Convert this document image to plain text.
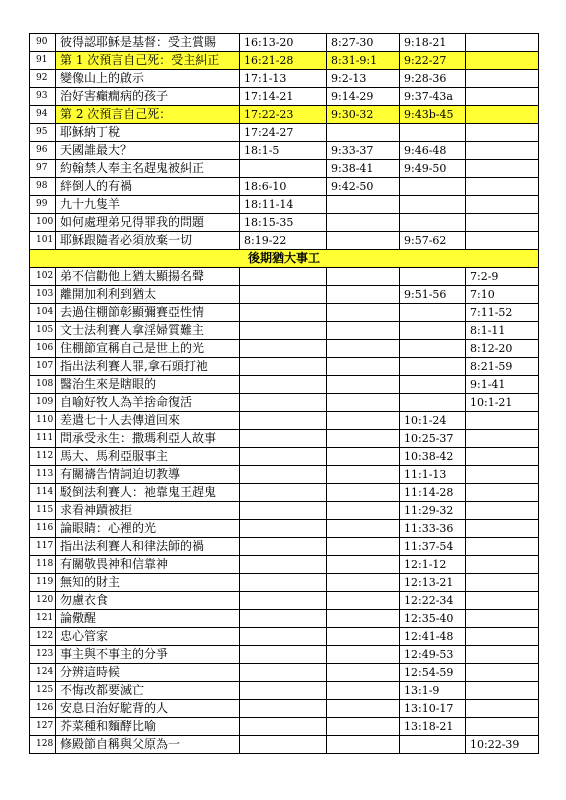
90	彼得認耶穌是基督：受主賞賜	16:13-20	8:27-30	9:18-21	
91	第 1 次預言自己死：受主糾正	16:21-28	8:31-9:1	9:22-27	
92	變像山上的啟示	17:1-13	9:2-13	9:28-36	
93	治好害癲癇病的孩子	17:14-21	9:14-29	9:37-43a	
94	第 2 次預言自己死：	17:22-23	9:30-32	9:43b-45	
95	耶穌納丁稅	17:24-27			
96	天國誰最大？	18:1-5	9:33-37	9:46-48	
97	約翰禁人奉主名趕鬼被糾正		9:38-41	9:49-50	
98	絆倒人的有禍	18:6-10	9:42-50		
99	九十九隻羊	18:11-14			
100	如何處理弟兄得罪我的問題	18:15-35			
101	耶穌跟隨者必須放棄一切	8:19-22		9:57-62	
後期猶大事工					
102	弟不信勸他上猶太顯揚名聲				7:2-9
103	離開加利利到猶太			9:51-56	7:10
104	去過住棚節彰顯彌賽亞性情				7:11-52
105	文士法利賽人拿淫婦質難主				8:1-11
106	住棚節宣稱自己是世上的光				8:12-20
107	指出法利賽人罪,拿石頭打祂				8:21-59
108	醫治生來是瞎眼的				9:1-41
109	自喻好牧人為羊捨命復活				10:1-21
110	差遣七十人去傳道回來			10:1-24	
111	問承受永生：撒瑪利亞人故事			10:25-37	
112	馬大、馬利亞服事主			10:38-42	
113	有關禱告情詞迫切教導			11:1-13	
114	駁倒法利賽人：祂靠鬼王趕鬼			11:14-28	
115	求看神蹟被拒			11:29-32	
116	論眼睛：心裡的光			11:33-36	
117	指出法利賽人和律法師的禍			11:37-54	
118	有關敬畏神和信靠神			12:1-12	
119	無知的財主			12:13-21	
120	勿慮衣食			12:22-34	
121	論儆醒			12:35-40	
122	忠心管家			12:41-48	
123	事主與不事主的分爭			12:49-53	
124	分辨這時候			12:54-59	
125	不悔改都要滅亡			13:1-9	
126	安息日治好駝背的人			13:10-17	
127	芥菜種和麵酵比喻			13:18-21	
128	修殿節自稱與父原為一				10:22-39
